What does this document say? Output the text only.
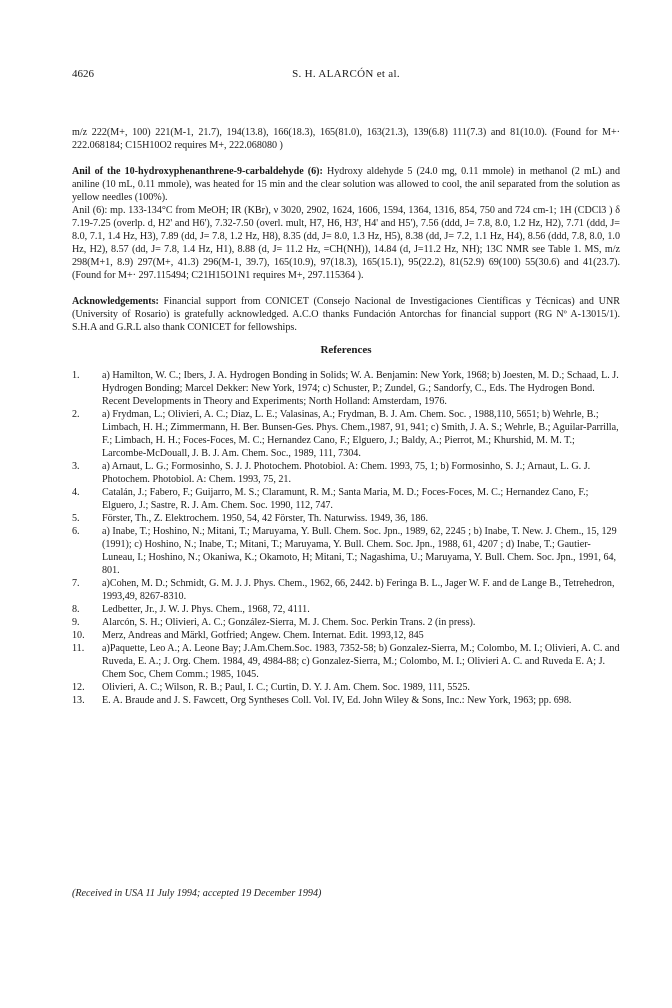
4626	S. H. ALARCÓN et al.

m/z 222(M+, 100) 221(M-1, 21.7), 194(13.8), 166(18.3), 165(81.0), 163(21.3), 139(6.8) 111(7.3) and 81(10.0). (Found for M+· 222.068184; C15H10O2 requires M+, 222.068080 )

Anil of the 10-hydroxyphenanthrene-9-carbaldehyde (6): Hydroxy aldehyde 5 (24.0 mg, 0.11 mmole) in methanol (2 mL) and aniline (10 mL, 0.11 mmole), was heated for 15 min and the clear solution was allowed to cool, the anil separated from the solution as yellow needles (100%).

Anil (6): mp. 133-134°C from MeOH; IR (KBr), ν 3020, 2902, 1624, 1606, 1594, 1364, 1316, 854, 750 and 724 cm-1; 1H (CDCl3 ) δ 7.19-7.25 (overlp. d, H2' and H6'), 7.32-7.50 (overl. mult, H7, H6, H3', H4' and H5'), 7.56 (ddd, J= 7.8, 8.0, 1.2 Hz, H2), 7.71 (ddd, J= 8.0, 7.1, 1.4 Hz, H3), 7.89 (dd, J= 7.8, 1.2 Hz, H8), 8.35 (dd, J= 8.0, 1.3 Hz, H5), 8.38 (dd, J= 7.2, 1.1 Hz, H4), 8.56 (ddd, 7.8, 8.0, 1.0 Hz, H2), 8.57 (dd, J= 7.8, 1.4 Hz, H1), 8.88 (d, J= 11.2 Hz, =CH(NH)), 14.84 (d, J=11.2 Hz, NH); 13C NMR see Table 1. MS, m/z 298(M+1, 8.9) 297(M+, 41.3) 296(M-1, 39.7), 165(10.9), 97(18.3), 165(15.1), 95(22.2), 81(52.9) 69(100) 55(30.6) and 41(23.7). (Found for M+· 297.115494; C21H15O1N1 requires M+, 297.115364 ).

Acknowledgements: Financial support from CONICET (Consejo Nacional de Investigaciones Científicas y Técnicas) and UNR (University of Rosario) is gratefully acknowledged. A.C.O thanks Fundación Antorchas for financial support (RG Nº A-13015/1). S.H.A and G.R.L also thank CONICET for fellowships.

References
1.	a) Hamilton, W. C.; Ibers, J. A. Hydrogen Bonding in Solids; W. A. Benjamin: New York, 1968; b) Joesten, M. D.; Schaad, L. J. Hydrogen Bonding; Marcel Dekker: New York, 1974; c) Schuster, P.; Zundel, G.; Sandorfy, C., Eds. The Hydrogen Bond. Recent Developments in Theory and Experiments; North Holland: Amsterdam, 1976.
2.	a) Frydman, L.; Olivieri, A. C.; Diaz, L. E.; Valasinas, A.; Frydman, B. J. Am. Chem. Soc. , 1988,110, 5651; b) Wehrle, B.; Limbach, H. H.; Zimmermann, H. Ber. Bunsen-Ges. Phys. Chem.,1987, 91, 941; c) Smith, J. A. S.; Wehrle, B.; Aguilar-Parrilla, F.; Limbach, H. H.; Foces-Foces, M. C.; Hernandez Cano, F.; Elguero, J.; Baldy, A.; Pierrot, M.; Khurshid, M. M. T.; Larcombe-McDouall, J. B. J. Am. Chem. Soc., 1989, 111, 7304.
3.	a) Arnaut, L. G.; Formosinho, S. J. J. Photochem. Photobiol. A: Chem. 1993, 75, 1; b) Formosinho, S. J.; Arnaut, L. G. J. Photochem. Photobiol. A: Chem. 1993, 75, 21.
4.	Catalán, J.; Fabero, F.; Guijarro, M. S.; Claramunt, R. M.; Santa Maria, M. D.; Foces-Foces, M. C.; Hernandez Cano, F.; Elguero, J.; Sastre, R. J. Am. Chem. Soc. 1990, 112, 747.
5.	Förster, Th., Z. Elektrochem. 1950, 54, 42 Förster, Th. Naturwiss. 1949, 36, 186.
6.	a) Inabe, T.; Hoshino, N.; Mitani, T.; Maruyama, Y. Bull. Chem. Soc. Jpn., 1989, 62, 2245 ; b) Inabe, T. New. J. Chem., 15, 129 (1991); c) Hoshino, N.; Inabe, T.; Mitani, T.; Maruyama, Y. Bull. Chem. Soc. Jpn., 1988, 61, 4207 ; d) Inabe, T.; Gautier-Luneau, I.; Hoshino, N.; Okaniwa, K.; Okamoto, H; Mitani, T.; Nagashima, U.; Maruyama, Y. Bull. Chem. Soc. Jpn., 1991, 64, 801.
7.	a)Cohen, M. D.; Schmidt, G. M. J. J. Phys. Chem., 1962, 66, 2442. b) Feringa B. L., Jager W. F. and de Lange B., Tetrehedron, 1993,49, 8267-8310.
8.	Ledbetter, Jr., J. W. J. Phys. Chem., 1968, 72, 4111.
9.	Alarcón, S. H.; Olivieri, A. C.; González-Sierra, M. J. Chem. Soc. Perkin Trans. 2 (in press).
10.	Merz, Andreas and Märkl, Gotfried; Angew. Chem. Internat. Edit. 1993,12, 845
11.	a)Paquette, Leo A.; A. Leone Bay; J.Am.Chem.Soc. 1983, 7352-58; b) Gonzalez-Sierra, M.; Colombo, M. I.; Olivieri, A. C. and Ruveda, E. A.; J. Org. Chem. 1984, 49, 4984-88; c) Gonzalez-Sierra, M.; Colombo, M. I.; Olivieri A. C. and Ruveda E. A; J. Chem Soc, Chem Comm.; 1985, 1045.
12.	Olivieri, A. C.; Wilson, R. B.; Paul, I. C.; Curtin, D. Y. J. Am. Chem. Soc. 1989, 111, 5525.
13.	E. A. Braude and J. S. Fawcett, Org Syntheses Coll. Vol. IV, Ed. John Wiley & Sons, Inc.: New York, 1963; pp. 698.
(Received in USA 11 July 1994; accepted 19 December 1994)
